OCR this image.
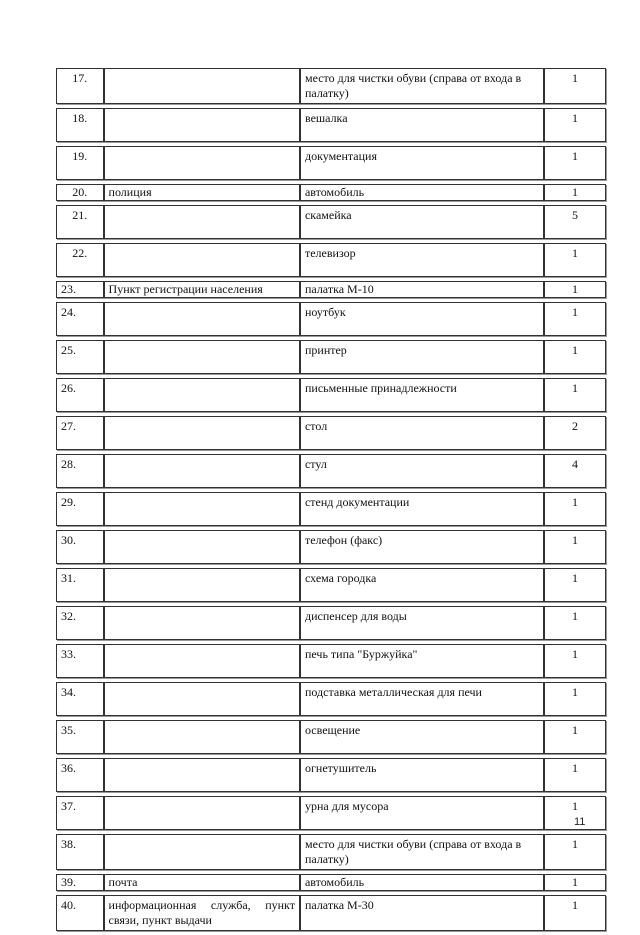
17.		место для чистки обуви (справа от входа в палатку)	1
18.		вешалка	1
19.		документация	1
20.	полиция	автомобиль	1
21.		скамейка	5
22.		телевизор	1
23.	Пункт регистрации населения	палатка М-10	1
24.		ноутбук	1
25.		принтер	1
26.		письменные принадлежности	1
27.		стол	2
28.		стул	4
29.		стенд документации	1
30.		телефон (факс)	1
31.		схема городка	1
32.		диспенсер для воды	1
33.		печь типа "Буржуйка"	1
34.		подставка металлическая для печи	1
35.		освещение	1
36.		огнетушитель	1
37.		урна для мусора	1
38.		место для чистки обуви (справа от входа в палатку)	1
39.	почта	автомобиль	1
40.	информационная служба, пункт связи, пункт выдачи	палатка М-30	1
11
